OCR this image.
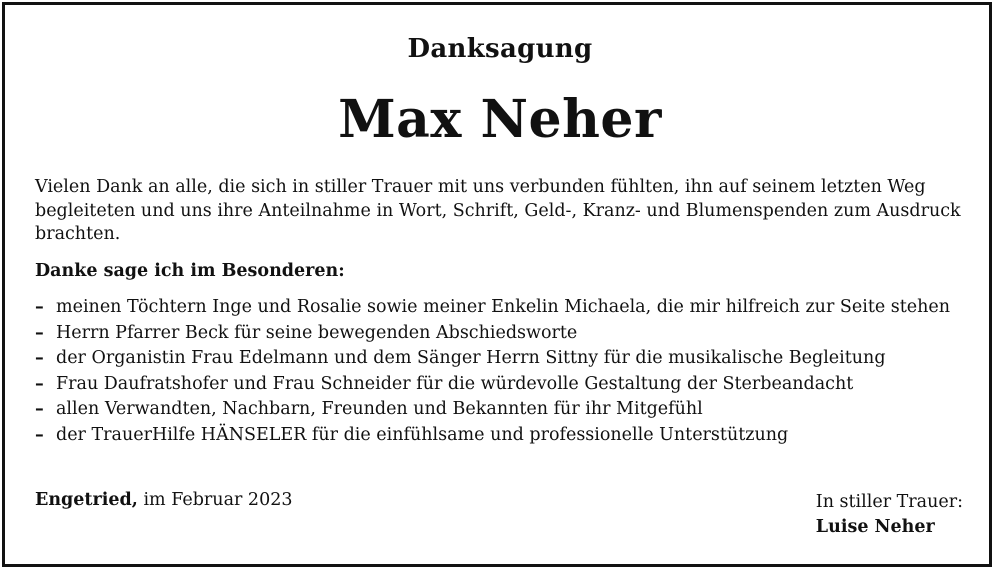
Danksagung
Max Neher
Vielen Dank an alle, die sich in stiller Trauer mit uns verbunden fühlten, ihn auf seinem letzten Weg begleiteten und uns ihre Anteilnahme in Wort, Schrift, Geld-, Kranz- und Blumenspenden zum Ausdruck brachten.
Danke sage ich im Besonderen:
– meinen Töchtern Inge und Rosalie sowie meiner Enkelin Michaela, die mir hilfreich zur Seite stehen
– Herrn Pfarrer Beck für seine bewegenden Abschiedsworte
– der Organistin Frau Edelmann und dem Sänger Herrn Sittny für die musikalische Begleitung
– Frau Daufratshofer und Frau Schneider für die würdevolle Gestaltung der Sterbeandacht
– allen Verwandten, Nachbarn, Freunden und Bekannten für ihr Mitgefühl
– der TrauerHilfe HÄNSELER für die einfühlsame und professionelle Unterstützung
Engetried, im Februar 2023	In stiller Trauer:
Luise Neher
